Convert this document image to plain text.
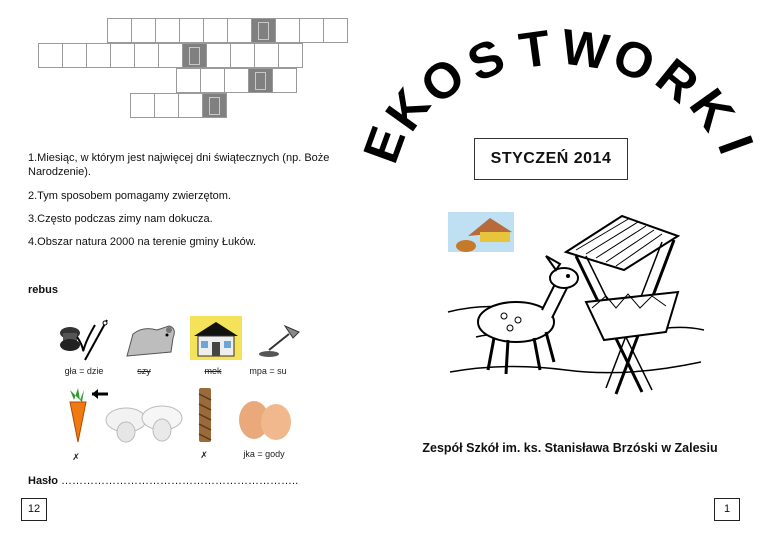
1.Miesiąc, w którym jest najwięcej dni świątecznych (np. Boże Narodzenie).
2.Tym sposobem pomagamy zwierzętom.
3.Często podczas zimy nam dokucza.
4.Obszar natura 2000 na terenie gminy Łuków.
rebus
gła = dzie	szy	mek	mpa = su
✗	✗	jka = gody
Hasło ………………………………………………………..
12
E
K
O
S T W
O
R
K
I
STYCZEŃ 2014
Zespół Szkół im. ks. Stanisława Brzóski w Zalesiu
1
